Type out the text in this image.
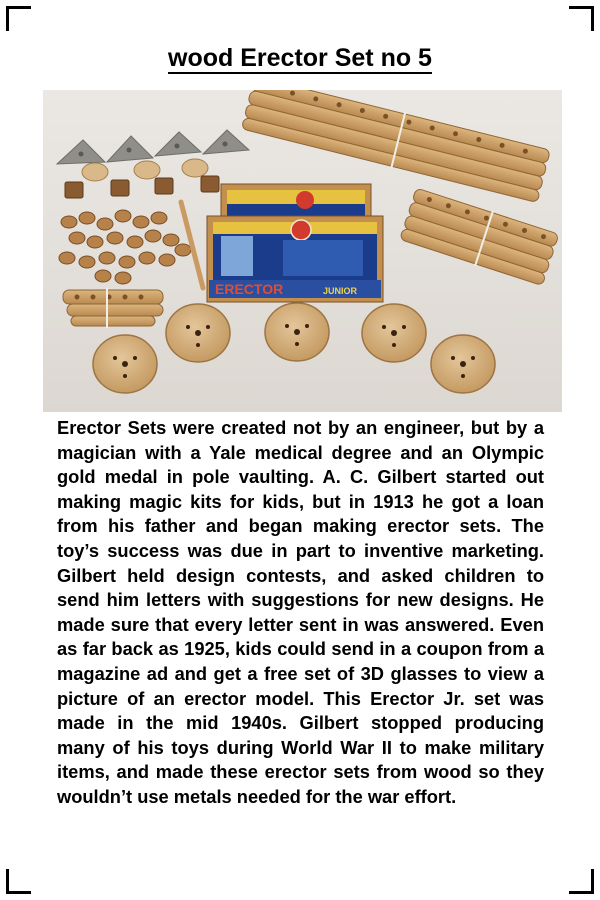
wood Erector Set no 5
ERECTOR	JUNIOR

Erector Sets were created not by an engineer, but by a magician with a Yale medical degree and an Olympic gold medal in pole vaulting. A. C. Gilbert started out making magic kits for kids, but in 1913 he got a loan from his father and began making erector sets. The toy’s success was due in part to inventive marketing. Gilbert held design contests, and asked children to send him letters with suggestions for new designs. He made sure that every letter sent in was answered. Even as far back as 1925, kids could send in a coupon from a magazine ad and get a free set of 3D glasses to view a picture of an erector model. This Erector Jr. set was made in the mid 1940s. Gilbert stopped producing many of his toys during World War II to make military items, and made these erector sets from wood so they wouldn’t use metals needed for the war effort.
